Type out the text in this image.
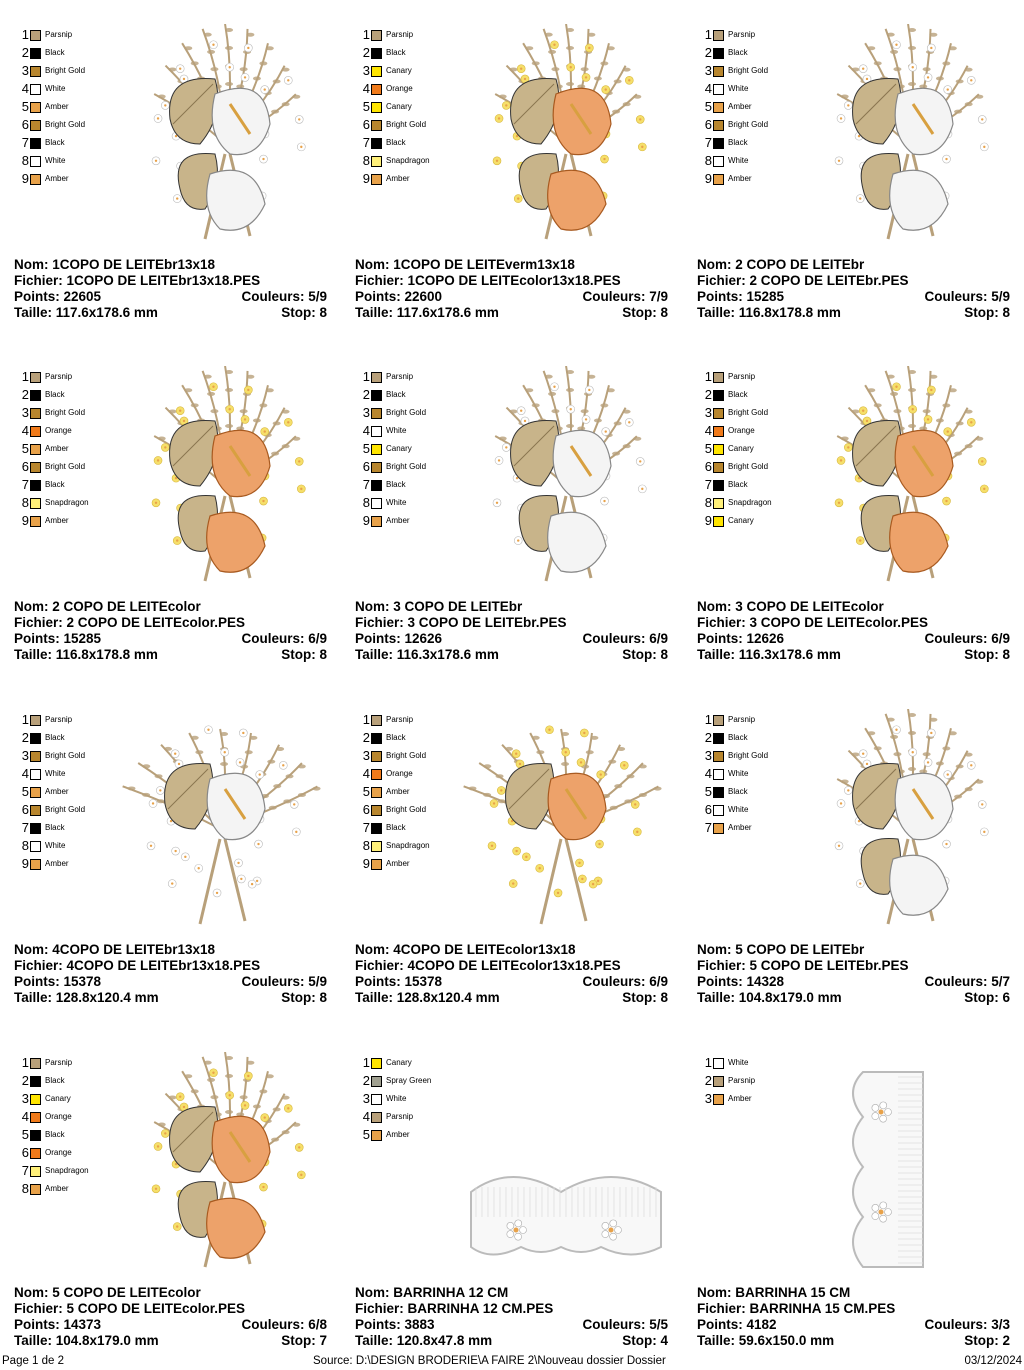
1 Parsnip
2 Black
3 Bright Gold
4 White
5 Amber
6 Bright Gold
7 Black
8 White
9 Amber
Nom: 1COPO DE LEITEbr13x18
Fichier: 1COPO DE LEITEbr13x18.PES
Points: 22605	Couleurs: 5/9
Taille: 117.6x178.6 mm	Stop: 8
1 Parsnip
2 Black
3 Canary
4 Orange
5 Canary
6 Bright Gold
7 Black
8 Snapdragon
9 Amber
Nom: 1COPO DE LEITEverm13x18
Fichier: 1COPO DE LEITEcolor13x18.PES
Points: 22600	Couleurs: 7/9
Taille: 117.6x178.6 mm	Stop: 8
1 Parsnip
2 Black
3 Bright Gold
4 White
5 Amber
6 Bright Gold
7 Black
8 White
9 Amber
Nom: 2 COPO DE LEITEbr
Fichier: 2 COPO DE LEITEbr.PES
Points: 15285	Couleurs: 5/9
Taille: 116.8x178.8 mm	Stop: 8
1 Parsnip
2 Black
3 Bright Gold
4 Orange
5 Amber
6 Bright Gold
7 Black
8 Snapdragon
9 Amber
Nom: 2 COPO DE LEITEcolor
Fichier: 2 COPO DE LEITEcolor.PES
Points: 15285	Couleurs: 6/9
Taille: 116.8x178.8 mm	Stop: 8
1 Parsnip
2 Black
3 Bright Gold
4 White
5 Canary
6 Bright Gold
7 Black
8 White
9 Amber
Nom: 3 COPO DE LEITEbr
Fichier: 3 COPO DE LEITEbr.PES
Points: 12626	Couleurs: 6/9
Taille: 116.3x178.6 mm	Stop: 8
1 Parsnip
2 Black
3 Bright Gold
4 Orange
5 Canary
6 Bright Gold
7 Black
8 Snapdragon
9 Canary
Nom: 3 COPO DE LEITEcolor
Fichier: 3 COPO DE LEITEcolor.PES
Points: 12626	Couleurs: 6/9
Taille: 116.3x178.6 mm	Stop: 8
1 Parsnip
2 Black
3 Bright Gold
4 White
5 Amber
6 Bright Gold
7 Black
8 White
9 Amber
Nom: 4COPO DE LEITEbr13x18
Fichier: 4COPO DE LEITEbr13x18.PES
Points: 15378	Couleurs: 5/9
Taille: 128.8x120.4 mm	Stop: 8
1 Parsnip
2 Black
3 Bright Gold
4 Orange
5 Amber
6 Bright Gold
7 Black
8 Snapdragon
9 Amber
Nom: 4COPO DE LEITEcolor13x18
Fichier: 4COPO DE LEITEcolor13x18.PES
Points: 15378	Couleurs: 6/9
Taille: 128.8x120.4 mm	Stop: 8
1 Parsnip
2 Black
3 Bright Gold
4 White
5 Black
6 White
7 Amber
Nom: 5 COPO DE LEITEbr
Fichier: 5 COPO DE LEITEbr.PES
Points: 14328	Couleurs: 5/7
Taille: 104.8x179.0 mm	Stop: 6
1 Parsnip
2 Black
3 Canary
4 Orange
5 Black
6 Orange
7 Snapdragon
8 Amber
Nom: 5 COPO DE LEITEcolor
Fichier: 5 COPO DE LEITEcolor.PES
Points: 14373	Couleurs: 6/8
Taille: 104.8x179.0 mm	Stop: 7
1 Canary
2 Spray Green
3 White
4 Parsnip
5 Amber
Nom: BARRINHA 12 CM
Fichier: BARRINHA 12 CM.PES
Points: 3883	Couleurs: 5/5
Taille: 120.8x47.8 mm	Stop: 4
1 White
2 Parsnip
3 Amber
Nom: BARRINHA 15 CM
Fichier: BARRINHA 15 CM.PES
Points: 4182	Couleurs: 3/3
Taille: 59.6x150.0 mm	Stop: 2
Page 1 de 2	Source: D:\DESIGN BRODERIE\A FAIRE 2\Nouveau dossier Dossier	03/12/2024
